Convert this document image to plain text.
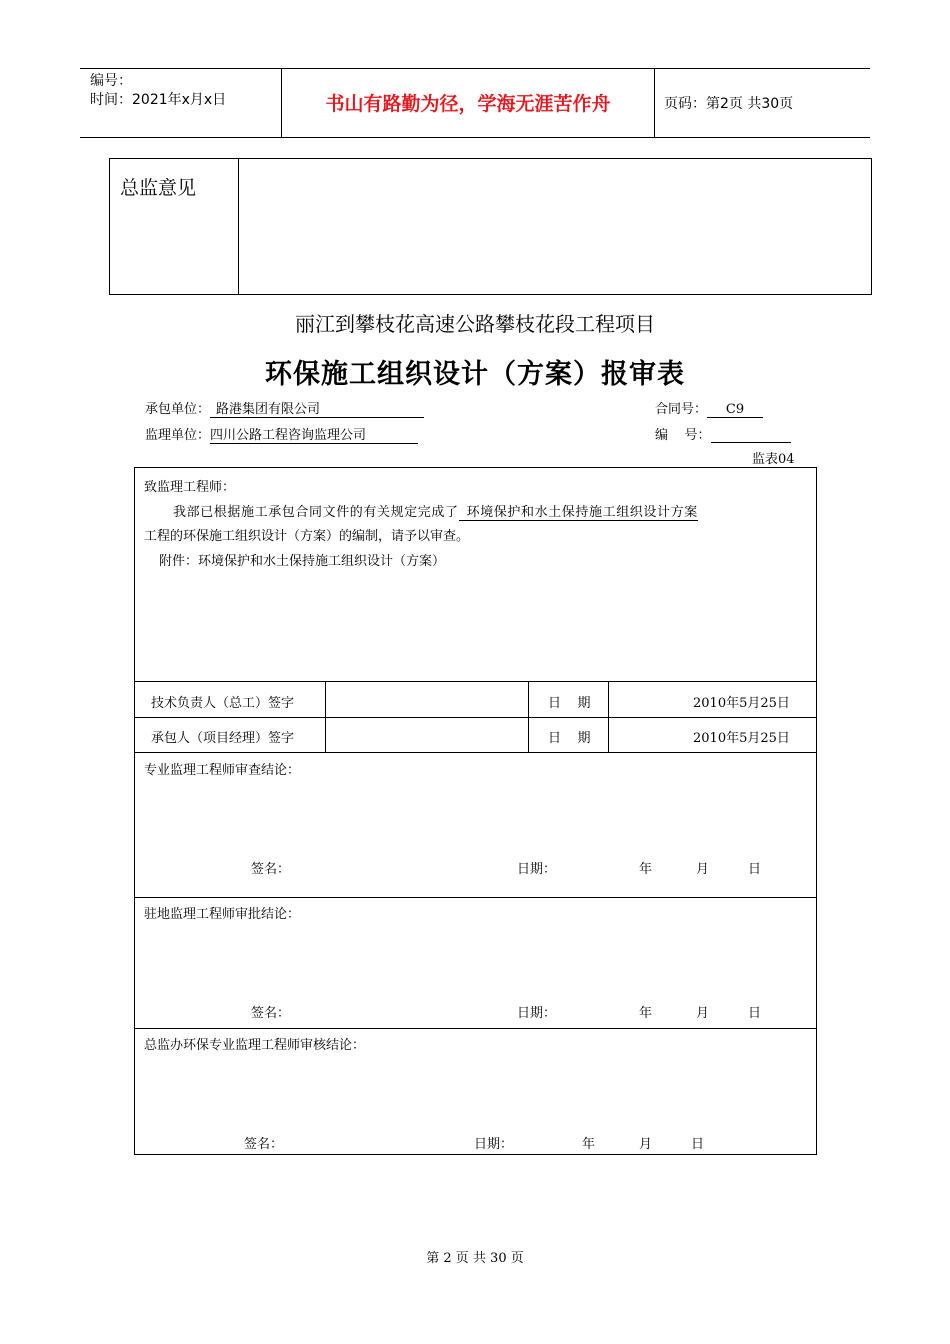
编号：
时间：2021年x月x日	书山有路勤为径，学海无涯苦作舟	页码：第2页 共30页
总监意见
丽江到攀枝花高速公路攀枝花段工程项目
环保施工组织设计（方案）报审表
承包单位： 路港集团有限公司	合同号： C9
监理单位：四川公路工程咨询监理公司	编    号：
监表04
致监理工程师：
我部已根据施工承包合同文件的有关规定完成了 环境保护和水土保持施工组织设计方案
工程的环保施工组织设计（方案）的编制，请予以审查。
附件：环境保护和水土保持施工组织设计（方案）
技术负责人（总工）签字	日    期	2010年5月25日
承包人（项目经理）签字	日    期	2010年5月25日
专业监理工程师审查结论：
签名：	日期：	年	月	日
驻地监理工程师审批结论：
签名：	日期：	年	月	日
总监办环保专业监理工程师审核结论：
签名：	日期：	年	月	日
第 2 页 共 30 页
